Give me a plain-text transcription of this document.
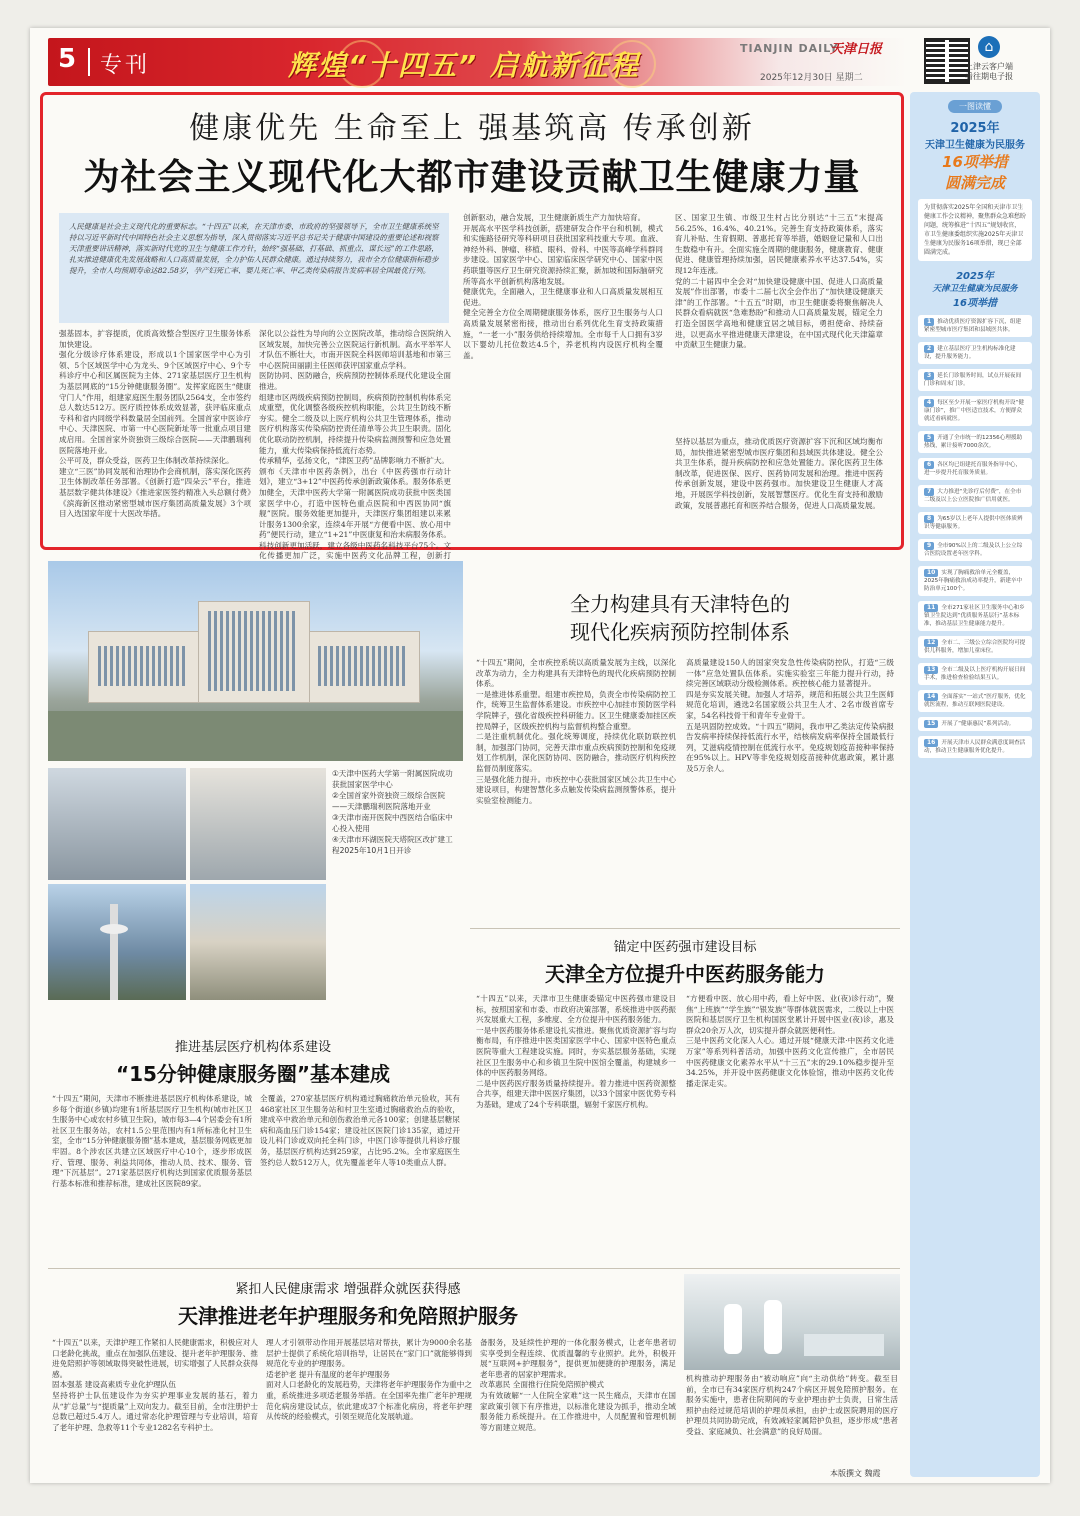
5 专刊	辉煌“十四五” 启航新征程
TIANJIN DAILY
天津日报
2025年12月30日 星期二
⌂
上津云客户端
看往期电子报
健康优先 生命至上 强基筑高 传承创新
为社会主义现代化大都市建设贡献卫生健康力量
人民健康是社会主义现代化的重要标志。“十四五”以来，在天津市委、市政府的坚强领导下，全市卫生健康系统坚持以习近平新时代中国特色社会主义思想为指导，深入贯彻落实习近平总书记关于健康中国建设的重要论述和视察天津重要讲话精神，落实新时代党的卫生与健康工作方针，始终“强基础、打基础、抓重点、谋长远”的工作思路，扎实推进健康优先发展战略和人口高质量发展，全力护佑人民群众健康。通过持续努力，我市全方位健康指标稳步提升，全市人均预期寿命达82.58岁，孕产妇死亡率、婴儿死亡率、甲乙类传染病报告发病率居全国最优行列。
强基固本，扩容提质，优质高效整合型医疗卫生服务体系加快建设。
强化分级诊疗体系建设，形成以1个国家医学中心为引领、5个区域医学中心为龙头、9个区域医疗中心、9个专科诊疗中心和区属医院为主体、271家基层医疗卫生机构为基层网底的“15分钟健康服务圈”。发挥家庭医生“健康守门人”作用，组建家庭医生服务团队2564支，全市签约总人数达512万。医疗质控体系成效显著，获评临床重点专科和省内同级学科数量居全国前列。全国首家中医诊疗中心、天津医院、市第一中心医院新址等一批重点项目建成启用。全国首家外资独资三级综合医院——天津鹏瑞利医院落地开业。
公平可及，群众受益，医药卫生体制改革持续深化。
建立“三医”协同发展和治理协作会商机制，落实深化医药卫生体制改革任务部署。《创新打造“四朵云”平台，推进基层数字健共体建设》《推进家医签约精准入头总额付费》《滨海新区推动紧密型城市医疗集团高质量发展》3个项目入选国家年度十大医改举措。
深化以公益性为导向的公立医院改革，推动综合医院纳入区域发展，加快完善公立医院运行新机制。高水平举军人才队伍不断壮大，市南开医院全科医师培训基地和市第三中心医院田丽副主任医师获评国家重点学科。
医防协同、医防融合，疾病预防控制体系现代化建设全面推进。
组建市区两级疾病预防控制局，疾病预防控制机构体系完成重塑，优化调整各级疾控机构职能，公共卫生防线不断夯实。健全二级及以上医疗机构公共卫生管理体系，推动医疗机构落实传染病防控责任清单等公共卫生职责。固化优化联动防控机制，持续提升传染病监测预警和应急处置能力，重大传染病保持低流行态势。
传承精华，弘扬文化，“津医卫药”品牌影响力不断扩大。
颁布《天津市中医药条例》，出台《中医药强市行动计划》，建立“3+12”中医药传承创新政策体系。服务体系更加健全，天津中医药大学第一附属医院成功获批中医类国家医学中心，打造中医特色重点医院和中西医协同“旗舰”医院。服务效能更加提升，天津医疗集团组建以来累计服务1300余家，连续4年开展“方便看中医、放心用中药”便民行动，建立“1+21”中医康复和治未病服务体系。科技创新更加活跃，建立各级中医药名科技平台75个。文化传播更加广泛，实施中医药文化品牌工程，创新打
创新驱动，融合发展，卫生健康新质生产力加快培育。
开展高水平医学科技创新，搭建研发合作平台和机制，模式和实施路径研究等科研项目获批国家科技重大专项。血液、神经外科、肿瘤、移植、眼科、骨科、中医等高峰学科群同步建设。国家医学中心、国家临床医学研究中心、国家中医药联盟等医疗卫生研究资源持续汇聚，新加坡和国际脑研究所等高水平创新机构落地发展。
健康优先，全面融入，卫生健康事业和人口高质量发展相互促进。
健全完善全方位全周期健康服务体系，医疗卫生服务与人口高质量发展紧密衔接，推动出台系列优化生育支持政策措施，“一老一小”服务供给持续增加。全市每千人口拥有3岁以下婴幼儿托位数达4.5个，养老机构内设医疗机构全覆盖。
区、国家卫生镇、市级卫生村占比分别达“十三五”末提高56.25%、16.4%、40.21%。完善生育支持政策体系，落实育儿补贴、生育假期、普惠托育等举措，婚姻登记量和人口出生数稳中有升。全面实施全周期的健康服务，健康教育、健康促进、健康管理持续加强，居民健康素养水平达37.54%，实现12年连涨。
党的二十届四中全会对“加快建设健康中国、促进人口高质量发展”作出部署，市委十二届七次全会作出了“加快建设健康天津”的工作部署。“十五五”时期，市卫生健康委将聚焦解决人民群众看病就医“急难愁盼”和推动人口高质量发展，锚定全力打造全国医学高地和健康宜居之城目标，勇担使命、持续奋进，以更高水平推进健康天津建设，在中国式现代化天津篇章中贡献卫生健康力量。
坚持以基层为重点，推动优质医疗资源扩容下沉和区域均衡布局，加快推进紧密型城市医疗集团和县域医共体建设。健全公共卫生体系，提升疾病防控和应急处置能力。深化医药卫生体制改革，促进医保、医疗、医药协同发展和治理。推进中医药传承创新发展，建设中医药强市。加快建设卫生健康人才高地，开展医学科技创新，发展智慧医疗。优化生育支持和激励政策，发展普惠托育和医养结合服务，促进人口高质量发展。
一图读懂
2025年
天津卫生健康为民服务
16项举措
圆满完成
为贯彻落实2025年全国和天津市卫生健康工作会议精神，聚焦群众急难愁盼问题，统筹推进“十四五”规划收官，市卫生健康委组织实施2025年天津卫生健康为民服务16项举措，现已全部圆满完成。
2025年
天津卫生健康为民服务
16项举措
1 推动优质医疗资源扩容下沉，组建紧密型城市医疗集团和县域医共体。
2 建立基层医疗卫生机构标准化建设，提升服务能力。
3 延长门诊服务时间，试点开展夜间门诊和周末门诊。
4 每区至少开展一家医疗机构开设“健康门诊”，推广中医适宜技术，方便群众就近看病就医。
5 开通了全市统一的12356心理援助热线，累计接听7000余次。
6 各区均已组建托育服务指导中心，进一步提升托育服务质量。
7 大力推进“先诊疗后付费”，在全市二级及以上公立医院推广信用就医。
8 为65岁以上老年人提供中医体质辨识等健康服务。
9 全市90%以上的二级及以上公立综合医院设置老年医学科。
10 实现了胸痛救治单元全覆盖，2025年胸痛救治成功率提升，新建卒中防治单元100个。
11 全市271家社区卫生服务中心和乡镇卫生院达到“优质服务基层行”基本标准，推动基层卫生健康能力提升。
12 全市二、三级公立综合医院均可提供儿科服务，增加儿童床位。
13 全市二级及以上医疗机构开展日间手术，推进检查检验结果互认。
14 全面落实“一站式”医疗服务，优化就医流程，推动互联网医院建设。
15 开展了“健康惠民”系列活动。
16 开展天津市人民群众满意度调查活动，推动卫生健康服务优化提升。
①天津中医药大学第一附属医院成功获批国家医学中心
②全国首家外资独资三级综合医院——天津鹏瑞利医院落地开业
③天津市南开医院中西医结合临床中心投入使用
④天津市环湖医院天塔院区改扩建工程2025年10月1日开诊
全力构建具有天津特色的
现代化疾病预防控制体系
“十四五”期间，全市疾控系统以高质量发展为主线，以深化改革为动力，全力构建具有天津特色的现代化疾病预防控制体系。
一是推进体系重塑。组建市疾控局，负责全市传染病防控工作，统筹卫生监督体系建设。市疾控中心加挂市预防医学科学院牌子，强化省级疾控科研能力。区卫生健康委加挂区疾控局牌子，区级疾控机构与监督机构整合重塑。
二是注重机制优化。强化统筹调度，持续优化联防联控机制，加强部门协同，完善天津市重点疾病预防控制和免疫规划工作机制，深化医防协同、医防融合，推动医疗机构疾控监督员制度落实。
三是强化能力提升。市疾控中心获批国家区域公共卫生中心建设项目，构建智慧化多点触发传染病监测预警体系，提升实验室检测能力。
高质量建设150人的国家突发急性传染病防控队，打造“三级一体”应急处置队伍体系。实施实验室三年能力提升行动，持续完善区域联动分级检测体系。疾控核心能力显著提升。
四是夯实发展关键。加强人才培养，规范和拓展公共卫生医师规范化培训，遴选2名国家级公共卫生人才、2名市级首席专家，54名科技骨干和青年专业骨干。
五是巩固防控成效。“十四五”期间，我市甲乙类法定传染病报告发病率持续保持低流行水平，结核病发病率保持全国最低行列，艾滋病疫情控制在低流行水平。免疫规划疫苗接种率保持在95%以上。HPV等非免疫规划疫苗接种优惠政策，累计惠及5万余人。
锚定中医药强市建设目标
天津全方位提升中医药服务能力
“十四五”以来，天津市卫生健康委锚定中医药强市建设目标，按照国家和市委、市政府决策部署，系统推进中医药振兴发展重大工程，多维度、全方位提升中医药服务能力。
一是中医药服务体系建设扎实推进。聚焦优质资源扩容与均衡布局，有序推进中医类国家医学中心、国家中医特色重点医院等重大工程建设实施。同时，夯实基层服务基础，实现社区卫生服务中心和乡镇卫生院中医馆全覆盖，构建城乡一体的中医药服务网络。
二是中医药医疗服务质量持续提升。着力推进中医药资源整合共享，组建天津中医医疗集团，以33个国家中医优势专科为基础，建成了24个专科联盟，辐射千家医疗机构。
“方便看中医、放心用中药，看上好中医、业(夜)诊行动”，聚焦“上班族”“学生族”“银发族”等群体就医需求，二级以上中医医院和基层医疗卫生机构国医堂累计开展中医业(夜)诊，惠及群众20余万人次，切实提升群众就医便利性。
三是中医药文化深入人心。通过开展“健康天津·中医药文化进万家”等系列科普活动，加强中医药文化宣传推广，全市居民中医药健康文化素养水平从“十三五”末的29.10%稳步提升至34.25%，并开设中医药健康文化体验馆，推动中医药文化传播走深走实。
推进基层医疗机构体系建设
“15分钟健康服务圈”基本建成
“十四五”期间，天津市不断推进基层医疗机构体系建设，城乡每个街道(乡镇)均建有1所基层医疗卫生机构(城市社区卫生服务中心或农村乡镇卫生院)，城市每3—4个居委会有1所社区卫生服务站，农村1.5公里范围内有1所标准化村卫生室，全市“15分钟健康服务圈”基本建成，基层服务网底更加牢固。8个涉农区共建立区域医疗中心10个，逐步形成医疗、管理、服务、利益共同体，推动人员、技术、服务、管理“下沉基层”。271家基层医疗机构达到国家优质服务基层行基本标准和推荐标准，建成社区医院89家。
全覆盖，270家基层医疗机构通过胸痛救治单元验收，其有468家社区卫生服务站和村卫生室通过胸痛救治点的验收，建成卒中救治单元和创伤救治单元各100家；创建基层糖尿病和高血压门诊154家；建设社区医院门诊135家，通过开设儿科门诊或双向托全科门诊，中医门诊等提供儿科诊疗服务，基层医疗机构达到259家，占比95.2%。全市家庭医生签约总人数512万人，优先覆盖老年人等10类重点人群。
紧扣人民健康需求 增强群众就医获得感
天津推进老年护理服务和免陪照护服务
“十四五”以来，天津护理工作紧扣人民健康需求，积极应对人口老龄化挑战，重点在加强队伍建设、提升老年护理服务、推进免陪照护等领域取得突破性进展，切实增强了人民群众获得感。
固本强基 建设高素质专业化护理队伍
坚持将护士队伍建设作为夯实护理事业发展的基石，着力从“扩总量”与“提质量”上双向发力。截至目前，全市注册护士总数已超过5.4万人。通过常态化护理管理与专业培训，培育了老年护理、急救等11个专业1282名专科护士。
理人才引领带动作用开展基层培对帮扶，累计为9000余名基层护士提供了系统化培训指导，让居民在“家门口”就能够得到规范化专业的护理服务。
适老护老 提升有温度的老年护理服务
面对人口老龄化的发展趋势，天津将老年护理服务作为重中之重，系统推进多项适老服务举措。在全国率先推广老年护理规范化病房建设试点，依此建成37个标准化病房，将老年护理从传统的经验模式，引领至规范化发展轨道。
备服务，及延续性护理的一体化服务模式，让老年患者切实享受到全程连续、优质温馨的专业照护。此外，积极开展“互联网+护理服务”，提供更加便捷的护理服务，满足老年患者的居家护理需求。
改革惠民 全面推行住院免陪照护模式
为有效破解“一人住院全家难”这一民生痛点，天津市在国家政策引领下有序推进，以标准化建设为抓手，推动全域服务能力系统提升。在工作推进中，人员配置和管理机制等方面建立规范。
机构推动护理服务由“被动响应”向“主动供给”转变。截至目前，全市已有34家医疗机构247个病区开展免陪照护服务。在服务实施中，患者住院期间的专业护理由护士负责，日常生活照护由经过规范培训的护理员承担，由护士或医院聘用的医疗护理员共同协助完成，有效减轻家属陪护负担，逐步形成“患者受益、家庭减负、社会满意”的良好局面。
本版撰文 魏霞
